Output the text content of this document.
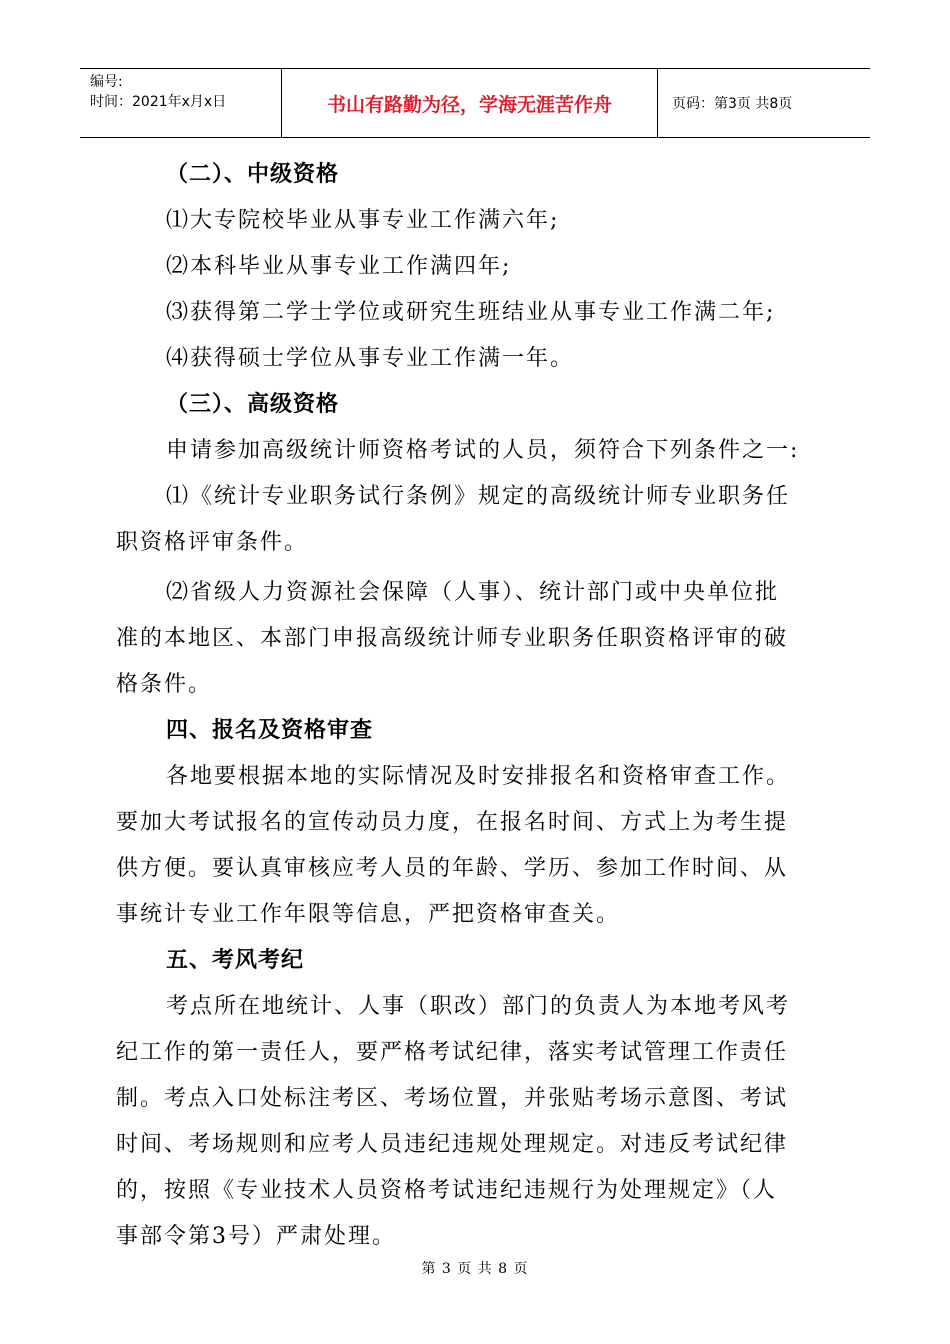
编号:
时间：2021年x月x日	书山有路勤为径，学海无涯苦作舟	页码：第3页 共8页
（二）、中级资格
⑴大专院校毕业从事专业工作满六年;
⑵本科毕业从事专业工作满四年;
⑶获得第二学士学位或研究生班结业从事专业工作满二年;
⑷获得硕士学位从事专业工作满一年。
（三）、高级资格
申请参加高级统计师资格考试的人员，须符合下列条件之一:
⑴《统计专业职务试行条例》规定的高级统计师专业职务任
职资格评审条件。
⑵省级人力资源社会保障（人事）、统计部门或中央单位批
准的本地区、本部门申报高级统计师专业职务任职资格评审的破
格条件。
四、报名及资格审查
各地要根据本地的实际情况及时安排报名和资格审查工作。
要加大考试报名的宣传动员力度，在报名时间、方式上为考生提
供方便。要认真审核应考人员的年龄、学历、参加工作时间、从
事统计专业工作年限等信息，严把资格审查关。
五、考风考纪
考点所在地统计、人事（职改）部门的负责人为本地考风考
纪工作的第一责任人，要严格考试纪律，落实考试管理工作责任
制。考点入口处标注考区、考场位置，并张贴考场示意图、考试
时间、考场规则和应考人员违纪违规处理规定。对违反考试纪律
的，按照《专业技术人员资格考试违纪违规行为处理规定》（人
事部令第3号）严肃处理。
第 3 页 共 8 页
